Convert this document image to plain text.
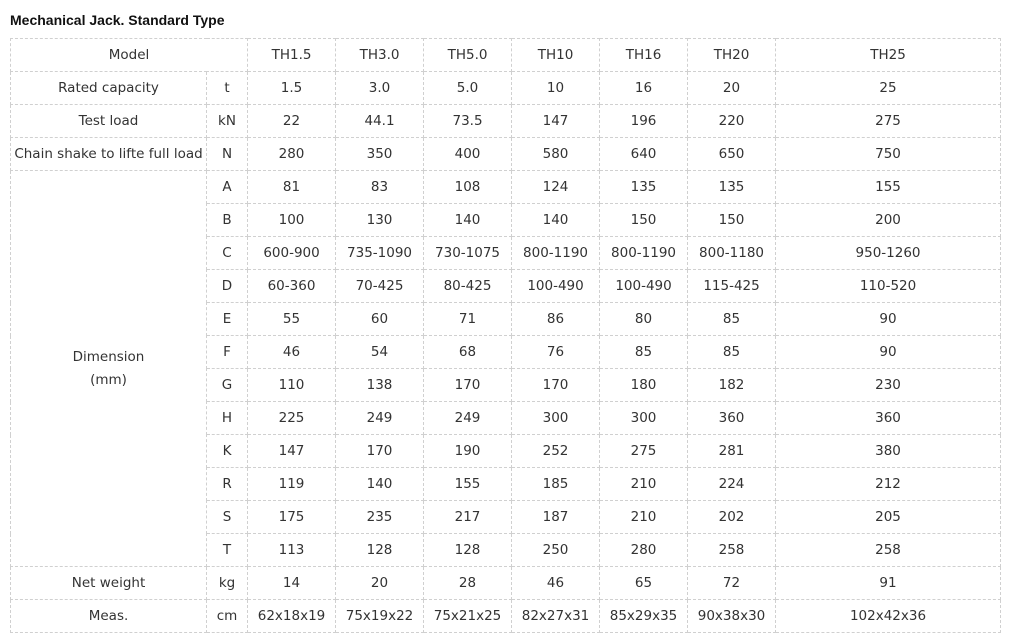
Mechanical Jack. Standard Type
Model		TH1.5	TH3.0	TH5.0	TH10	TH16	TH20	TH25
Rated capacity	t	1.5	3.0	5.0	10	16	20	25
Test load	kN	22	44.1	73.5	147	196	220	275
Chain shake to lifte full load	N	280	350	400	580	640	650	750

Dimension
(mm)	A	81	83	108	124	135	135	155
	B	100	130	140	140	150	150	200
	C	600-900	735-1090	730-1075	800-1190	800-1190	800-1180	950-1260
	D	60-360	70-425	80-425	100-490	100-490	115-425	110-520
	E	55	60	71	86	80	85	90
	F	46	54	68	76	85	85	90
	G	110	138	170	170	180	182	230
	H	225	249	249	300	300	360	360
	K	147	170	190	252	275	281	380
	R	119	140	155	185	210	224	212
	S	175	235	217	187	210	202	205
	T	113	128	128	250	280	258	258
Net weight	kg	14	20	28	46	65	72	91
Meas.	cm	62x18x19	75x19x22	75x21x25	82x27x31	85x29x35	90x38x30	102x42x36
